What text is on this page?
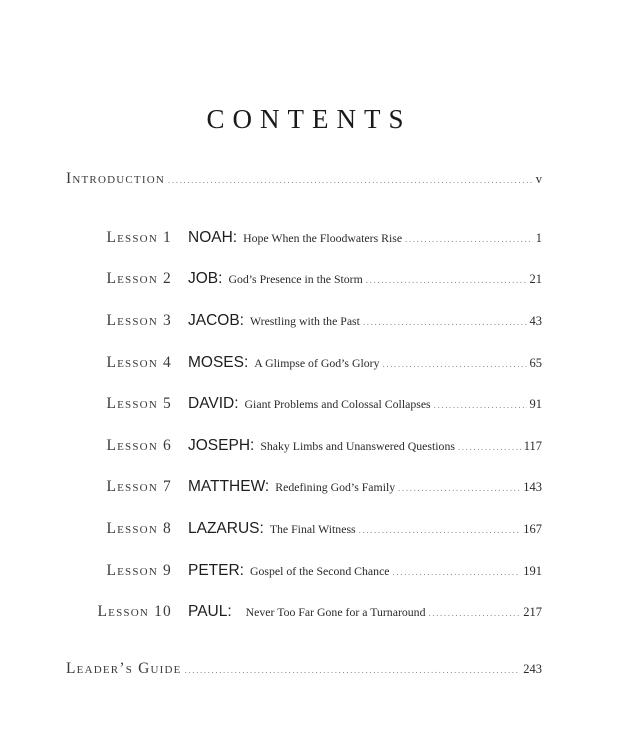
CONTENTS
Introduction .....	v
Lesson 1 NOAH: Hope When the Floodwaters Rise .....	1
Lesson 2 JOB: God’s Presence in the Storm .....	21
Lesson 3 JACOB: Wrestling with the Past .....	43
Lesson 4 MOSES: A Glimpse of God’s Glory .....	65
Lesson 5 DAVID: Giant Problems and Colossal Collapses .....	91
Lesson 6 JOSEPH: Shaky Limbs and Unanswered Questions .....	117
Lesson 7 MATTHEW: Redefining God’s Family .....	143
Lesson 8 LAZARUS: The Final Witness .....	167
Lesson 9 PETER: Gospel of the Second Chance .....	191
Lesson 10 PAUL: Never Too Far Gone for a Turnaround .....	217
Leader’s Guide .....	243
